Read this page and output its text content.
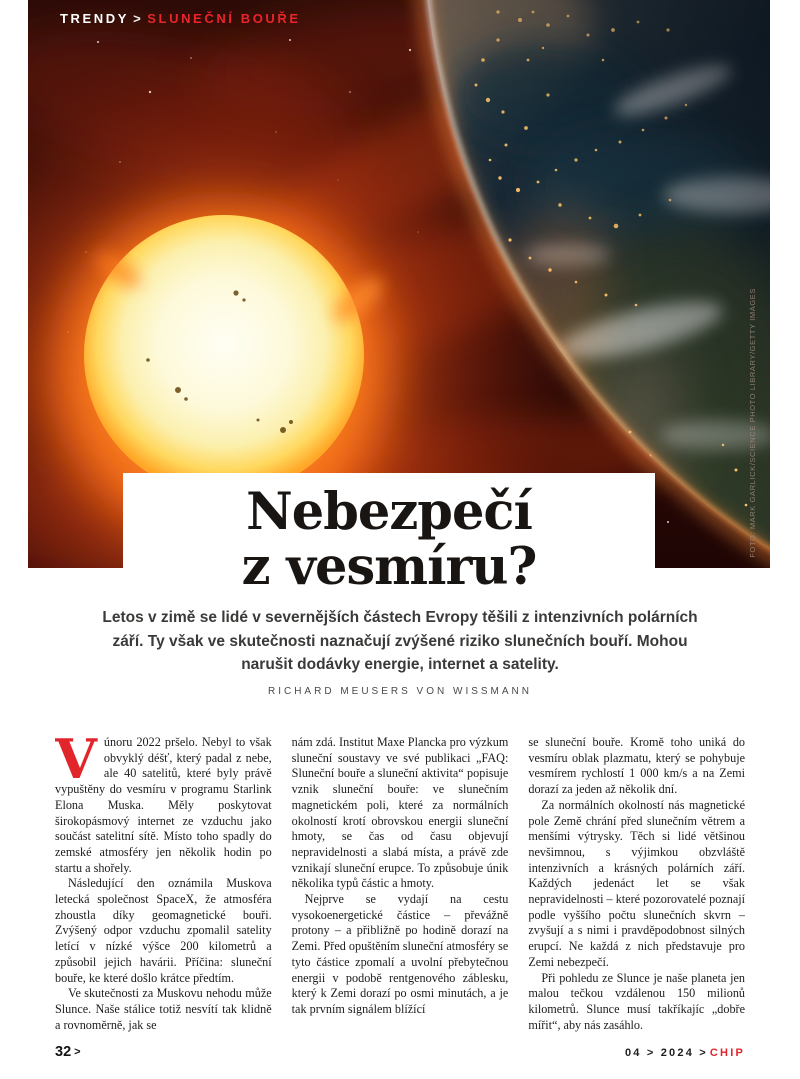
TRENDY > SLUNEČNÍ BOUŘE
FOTO: MARK GARLICK/SCIENCE PHOTO LIBRARY/GETTY IMAGES
Nebezpečí
z vesmíru?
Letos v zimě se lidé v severnějších částech Evropy těšili z intenzivních polárních září. Ty však ve skutečnosti naznačují zvýšené riziko slunečních bouří. Mohou narušit dodávky energie, internet a satelity.
RICHARD MEUSERS VON WISSMANN

Vúnoru 2022 pršelo. Nebyl to však obvyklý déšť, který padal z nebe, ale 40 satelitů, které byly právě vypuštěny do vesmíru v programu Starlink Elona Muska. Měly poskytovat širokopásmový internet ze vzduchu jako součást satelitní sítě. Místo toho spadly do zemské atmosféry jen několik hodin po startu a shořely.

Následující den oznámila Muskova letecká společnost SpaceX, že atmosféra zhoustla díky geomagnetické bouři. Zvýšený odpor vzduchu zpomalil satelity letící v nízké výšce 200 kilometrů a způsobil jejich havárii. Příčina: sluneční bouře, ke které došlo krátce předtím.

Ve skutečnosti za Muskovu nehodu může Slunce. Naše stálice totiž nesvítí tak klidně a rovnoměrně, jak se

nám zdá. Institut Maxe Plancka pro výzkum sluneční soustavy ve své publikaci „FAQ: Sluneční bouře a sluneční aktivita“ popisuje vznik sluneční bouře: ve slunečním magnetickém poli, které za normálních okolností krotí obrovskou energii sluneční hmoty, se čas od času objevují nepravidelnosti a slabá místa, a právě zde vznikají sluneční erupce. To způsobuje únik několika typů částic a hmoty.

Nejprve se vydají na cestu vysokoenergetické částice – převážně protony – a přibližně po hodině dorazí na Zemi. Před opuštěním sluneční atmosféry se tyto částice zpomalí a uvolní přebytečnou energii v podobě rentgenového záblesku, který k Zemi dorazí po osmi minutách, a je tak prvním signálem blížící

se sluneční bouře. Kromě toho uniká do vesmíru oblak plazmatu, který se pohybuje vesmírem rychlostí 1 000 km/s a na Zemi dorazí za jeden až několik dní.

Za normálních okolností nás magnetické pole Země chrání před slunečním větrem a menšími výtrysky. Těch si lidé většinou nevšimnou, s výjimkou obzvláště intenzivních a krásných polárních září. Každých jedenáct let se však nepravidelnosti – které pozorovatelé poznají podle vyššího počtu slunečních skvrn – zvyšují a s nimi i pravděpodobnost silných erupcí. Ne každá z nich představuje pro Zemi nebezpečí.

Při pohledu ze Slunce je naše planeta jen malou tečkou vzdálenou 150 milionů kilometrů. Slunce musí takříkajíc „dobře mířit“, aby nás zasáhlo.

32 >	04 > 2024 > CHIP
